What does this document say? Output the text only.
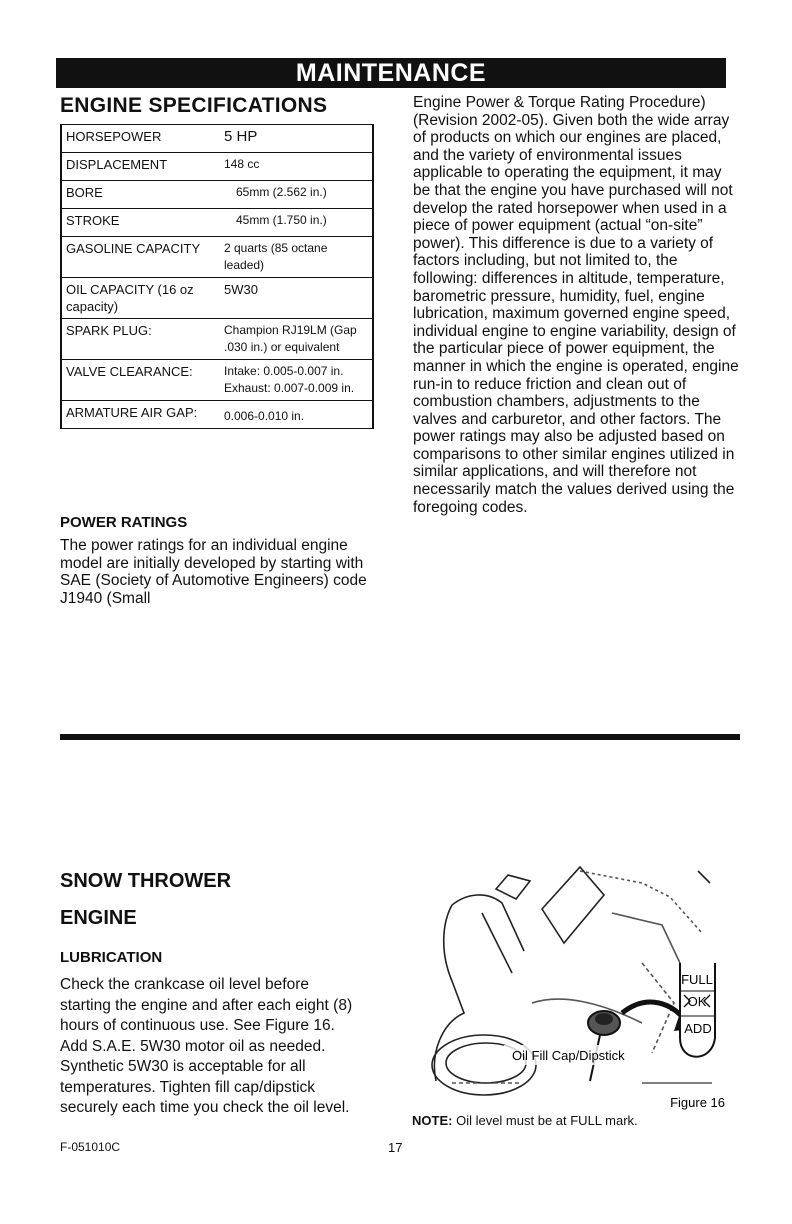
MAINTENANCE
ENGINE SPECIFICATIONS
HORSEPOWER	5 HP
DISPLACEMENT	148 cc
BORE	65mm (2.562 in.)
STROKE	45mm (1.750 in.)
GASOLINE CAPACITY	2 quarts (85 octane leaded)
OIL CAPACITY (16 oz capacity)	5W30
SPARK PLUG:	Champion RJ19LM (Gap .030 in.) or equivalent
VALVE CLEARANCE:	Intake: 0.005-0.007 in. Exhaust: 0.007-0.009 in.
ARMATURE AIR GAP:	0.006-0.010 in.
POWER RATINGS

The power ratings for an individual engine model are initially developed by starting with SAE (Society of Automotive Engineers) code J1940 (Small

Engine Power & Torque Rating Procedure) (Revision 2002-05). Given both the wide array of products on which our engines are placed, and the variety of environmental issues applicable to operating the equipment, it may be that the engine you have purchased will not develop the rated horsepower when used in a piece of power equipment (actual “on-site” power). This difference is due to a variety of factors including, but not limited to, the following: differences in altitude, temperature, barometric pressure, humidity, fuel, engine lubrication, maximum governed engine speed, individual engine to engine variability, design of the particular piece of power equipment, the manner in which the engine is operated, engine run-in to reduce friction and clean out of combustion chambers, adjustments to the valves and carburetor, and other factors. The power ratings may also be adjusted based on comparisons to other similar engines utilized in similar applications, and will therefore not necessarily match the values derived using the foregoing codes.

SNOW THROWER
ENGINE
LUBRICATION

Check the crankcase oil level before starting the engine and after each eight (8) hours of continuous use. See Figure 16. Add S.A.E. 5W30 motor oil as needed. Synthetic 5W30 is acceptable for all temperatures. Tighten fill cap/dipstick securely each time you check the oil level.

FULL
OK
ADD
Oil Fill Cap/Dipstick
Figure 16

NOTE: Oil level must be at FULL mark.

F-051010C	17
